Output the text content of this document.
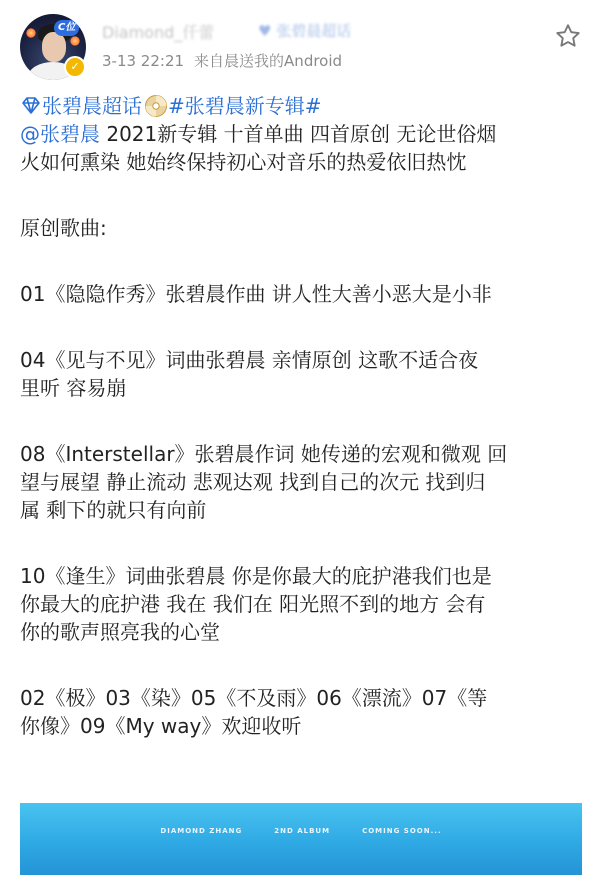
C位
✓
Diamond_仟蕾	♥ 张碧晨超话
3-13 22:21 来自晨送我的Android
张碧晨超话 #张碧晨新专辑#
@张碧晨 2021新专辑 十首单曲 四首原创 无论世俗烟
火如何熏染 她始终保持初心对音乐的热爱依旧热忱
原创歌曲:
01《隐隐作秀》张碧晨作曲 讲人性大善小恶大是小非
04《见与不见》词曲张碧晨 亲情原创 这歌不适合夜
里听 容易崩
08《Interstellar》张碧晨作词 她传递的宏观和微观 回
望与展望 静止流动 悲观达观 找到自己的次元 找到归
属 剩下的就只有向前
10《逢生》词曲张碧晨 你是你最大的庇护港我们也是
你最大的庇护港 我在 我们在 阳光照不到的地方 会有
你的歌声照亮我的心堂
02《极》03《染》05《不及雨》06《漂流》07《等
你像》09《My way》欢迎收听
DIAMOND ZHANG	2ND ALBUM	COMING SOON...
